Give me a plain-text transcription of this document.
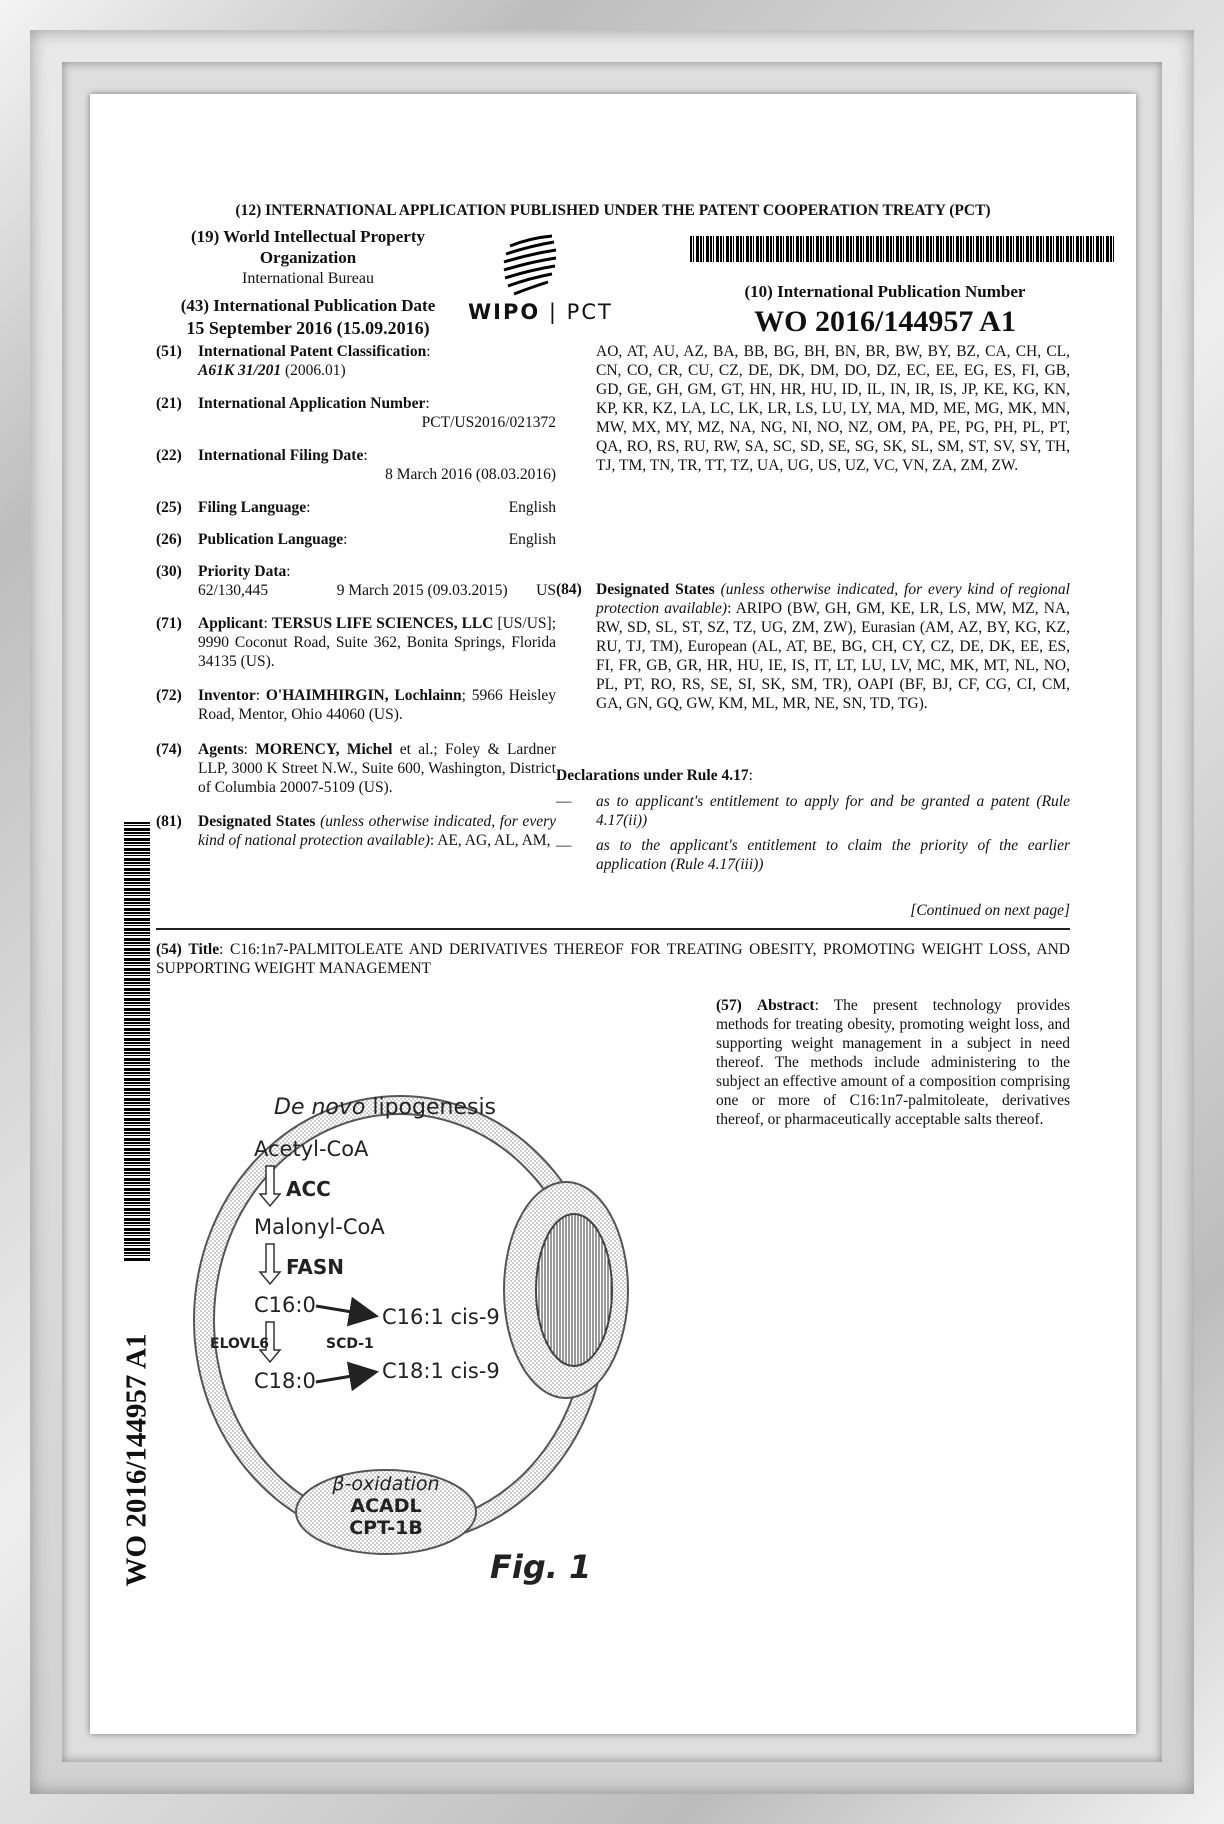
(12) INTERNATIONAL APPLICATION PUBLISHED UNDER THE PATENT COOPERATION TREATY (PCT)
(19) World Intellectual Property
Organization
International Bureau
(43) International Publication Date
15 September 2016 (15.09.2016)
WIPO | PCT
(10) International Publication Number
WO 2016/144957 A1
WO 2016/144957 A1
(51) International Patent Classification:
A61K 31/201 (2006.01)
(21) International Application Number:
PCT/US2016/021372
(22) International Filing Date:
8 March 2016 (08.03.2016)
(25) Filing Language:	English
(26) Publication Language:	English
(30) Priority Data:
62/130,445	9 March 2015 (09.03.2015) US
(71) Applicant: TERSUS LIFE SCIENCES, LLC [US/US]; 9990 Coconut Road, Suite 362, Bonita Springs, Florida 34135 (US).
(72) Inventor: O'HAIMHIRGIN, Lochlainn; 5966 Heisley Road, Mentor, Ohio 44060 (US).
(74) Agents: MORENCY, Michel et al.; Foley & Lardner LLP, 3000 K Street N.W., Suite 600, Washington, District of Columbia 20007-5109 (US).
(81) Designated States (unless otherwise indicated, for every kind of national protection available): AE, AG, AL, AM,
AO, AT, AU, AZ, BA, BB, BG, BH, BN, BR, BW, BY, BZ, CA, CH, CL, CN, CO, CR, CU, CZ, DE, DK, DM, DO, DZ, EC, EE, EG, ES, FI, GB, GD, GE, GH, GM, GT, HN, HR, HU, ID, IL, IN, IR, IS, JP, KE, KG, KN, KP, KR, KZ, LA, LC, LK, LR, LS, LU, LY, MA, MD, ME, MG, MK, MN, MW, MX, MY, MZ, NA, NG, NI, NO, NZ, OM, PA, PE, PG, PH, PL, PT, QA, RO, RS, RU, RW, SA, SC, SD, SE, SG, SK, SL, SM, ST, SV, SY, TH, TJ, TM, TN, TR, TT, TZ, UA, UG, US, UZ, VC, VN, ZA, ZM, ZW.
(84) Designated States (unless otherwise indicated, for every kind of regional protection available): ARIPO (BW, GH, GM, KE, LR, LS, MW, MZ, NA, RW, SD, SL, ST, SZ, TZ, UG, ZM, ZW), Eurasian (AM, AZ, BY, KG, KZ, RU, TJ, TM), European (AL, AT, BE, BG, CH, CY, CZ, DE, DK, EE, ES, FI, FR, GB, GR, HR, HU, IE, IS, IT, LT, LU, LV, MC, MK, MT, NL, NO, PL, PT, RO, RS, SE, SI, SK, SM, TR), OAPI (BF, BJ, CF, CG, CI, CM, GA, GN, GQ, GW, KM, ML, MR, NE, SN, TD, TG).
Declarations under Rule 4.17:
—	as to applicant's entitlement to apply for and be granted a patent (Rule 4.17(ii))
—	as to the applicant's entitlement to claim the priority of the earlier application (Rule 4.17(iii))
[Continued on next page]
(54) Title: C16:1n7-PALMITOLEATE AND DERIVATIVES THEREOF FOR TREATING OBESITY, PROMOTING WEIGHT LOSS, AND SUPPORTING WEIGHT MANAGEMENT
(57) Abstract: The present technology provides methods for treating obesity, promoting weight loss, and supporting weight management in a subject in need thereof. The methods include administering to the subject an effective amount of a composition comprising one or more of C16:1n7-palmitoleate, derivatives thereof, or pharmaceutically acceptable salts thereof.
De novo lipogenesis
Acetyl-CoA
ACC
Malonyl-CoA
FASN
C16:0	C16:1 cis-9
ELOVL6	SCD-1
C18:0	C18:1 cis-9
β-oxidation
ACADL
CPT-1B
Fig. 1
